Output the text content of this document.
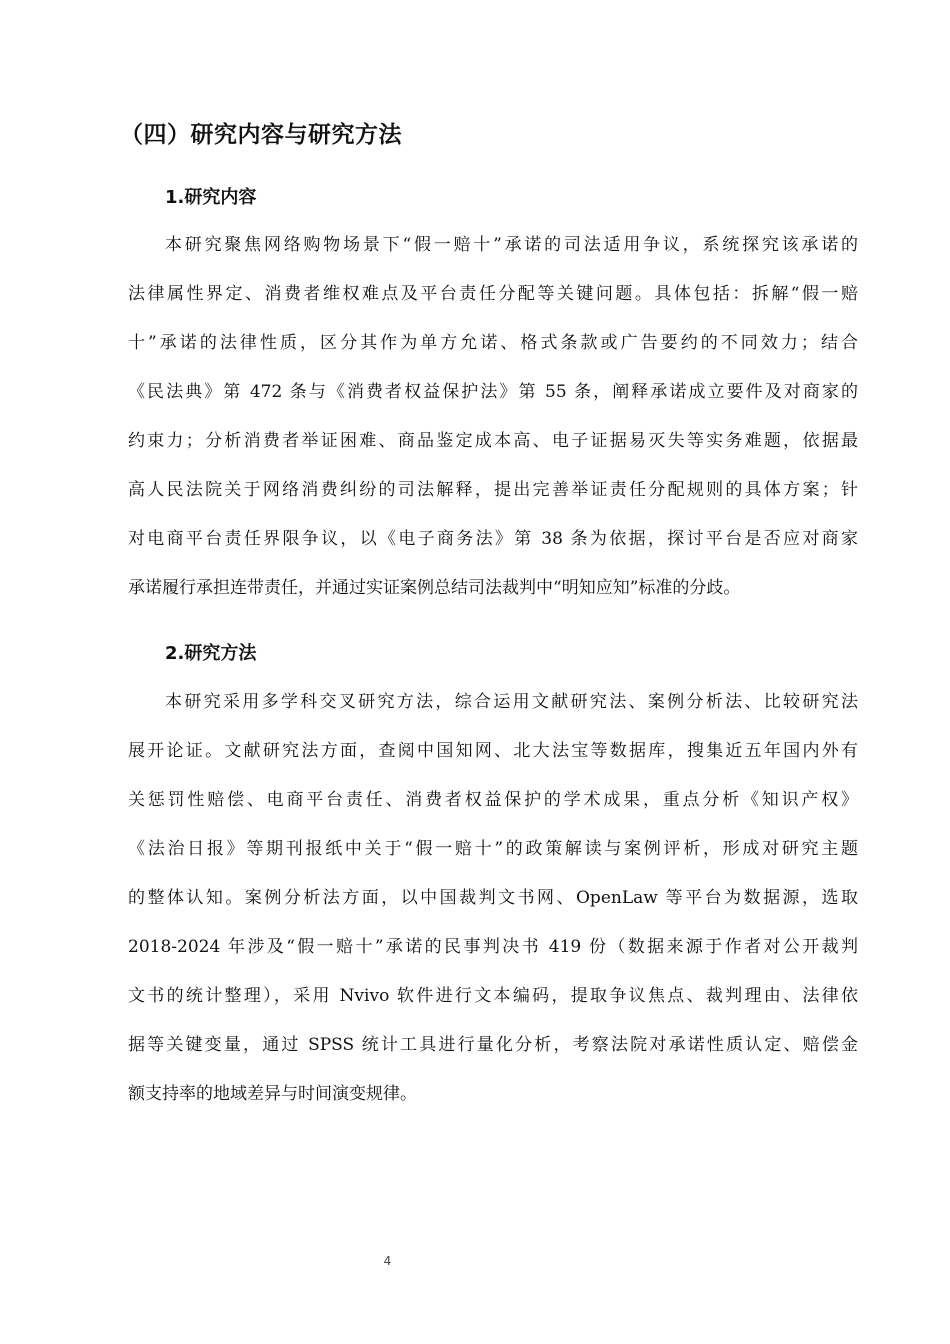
（四）研究内容与研究方法
1.研究内容
本研究聚焦网络购物场景下“假一赔十”承诺的司法适用争议，系统探究该承诺的
法律属性界定、消费者维权难点及平台责任分配等关键问题。具体包括：拆解“假一赔
十”承诺的法律性质，区分其作为单方允诺、格式条款或广告要约的不同效力；结合
《民法典》第 472 条与《消费者权益保护法》第 55 条，阐释承诺成立要件及对商家的
约束力；分析消费者举证困难、商品鉴定成本高、电子证据易灭失等实务难题，依据最
高人民法院关于网络消费纠纷的司法解释，提出完善举证责任分配规则的具体方案；针
对电商平台责任界限争议，以《电子商务法》第 38 条为依据，探讨平台是否应对商家
承诺履行承担连带责任，并通过实证案例总结司法裁判中“明知应知”标准的分歧。
2.研究方法
本研究采用多学科交叉研究方法，综合运用文献研究法、案例分析法、比较研究法
展开论证。文献研究法方面，查阅中国知网、北大法宝等数据库，搜集近五年国内外有
关惩罚性赔偿、电商平台责任、消费者权益保护的学术成果，重点分析《知识产权》
《法治日报》等期刊报纸中关于“假一赔十”的政策解读与案例评析，形成对研究主题
的整体认知。案例分析法方面，以中国裁判文书网、OpenLaw 等平台为数据源，选取
2018-2024 年涉及“假一赔十”承诺的民事判决书 419 份（数据来源于作者对公开裁判
文书的统计整理），采用 Nvivo 软件进行文本编码，提取争议焦点、裁判理由、法律依
据等关键变量，通过 SPSS 统计工具进行量化分析，考察法院对承诺性质认定、赔偿金
额支持率的地域差异与时间演变规律。
4
